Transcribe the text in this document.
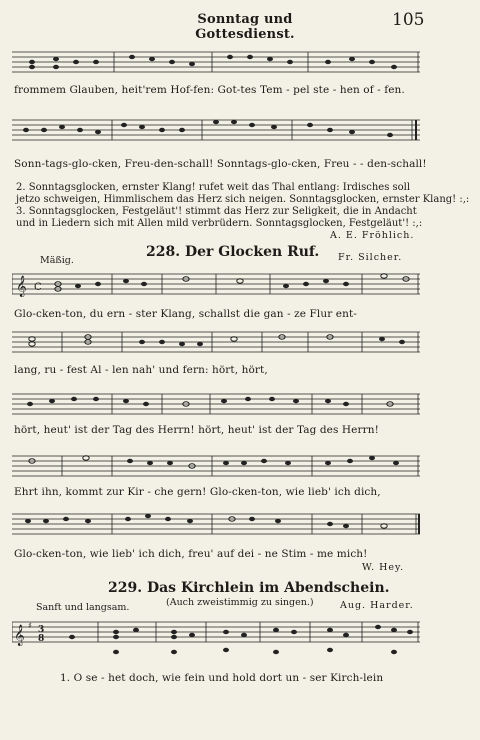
Sonntag und Gottesdienst.
105
frommem Glauben, heit'rem Hof-fen: Got-tes Tem - pel ste - hen of - fen.
Sonn-tags-glo-cken, Freu-den-schall! Sonntags-glo-cken, Freu - - den-schall!
2. Sonntagsglocken, ernster Klang! rufet weit das Thal entlang: Irdisches soll
jetzo schweigen, Himmlischem das Herz sich neigen. Sonntagsglocken, ernster Klang! :,:
3. Sonntagsglocken, Festgeläut'! stimmt das Herz zur Seligkeit, die in Andacht
und in Liedern sich mit Allen mild verbrüdern. Sonntagsglocken, Festgeläut'! :,:
A. E. Fröhlich.
228. Der Glocken Ruf.
Mäßig.	Fr. Silcher.
𝄞 C
Glo-cken-ton, du ern - ster Klang, schallst die gan - ze Flur ent-
lang, ru - fest Al - len nah' und fern: hört, hört,
hört, heut' ist der Tag des Herrn! hört, heut' ist der Tag des Herrn!
Ehrt ihn, kommt zur Kir - che gern! Glo-cken-ton, wie lieb' ich dich,
Glo-cken-ton, wie lieb' ich dich, freu' auf dei - ne Stim - me mich!
W. Hey.
229. Das Kirchlein im Abendschein.
(Auch zweistimmig zu singen.)
Sanft und langsam.	Aug. Harder.
𝄞 ♯ 3
8
1. O se - het doch, wie fein und hold dort un - ser Kirch-lein
